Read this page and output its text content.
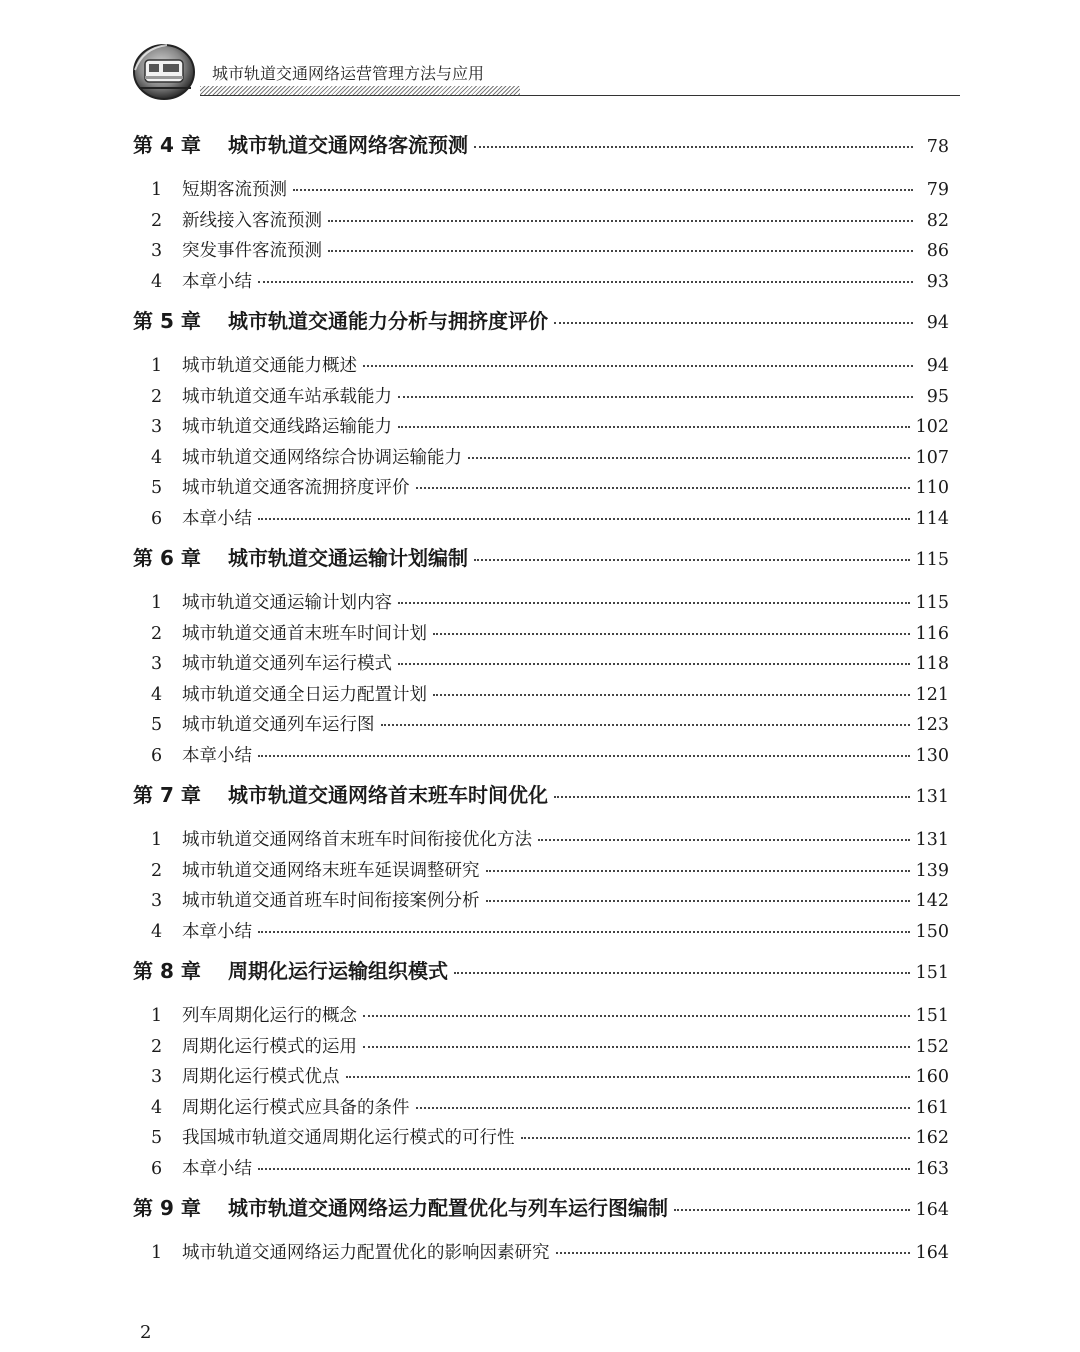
城市轨道交通网络运营管理方法与应用
第 4 章	城市轨道交通网络客流预测	78
1	短期客流预测	79
2	新线接入客流预测	82
3	突发事件客流预测	86
4	本章小结	93
第 5 章	城市轨道交通能力分析与拥挤度评价	94
1	城市轨道交通能力概述	94
2	城市轨道交通车站承载能力	95
3	城市轨道交通线路运输能力	102
4	城市轨道交通网络综合协调运输能力	107
5	城市轨道交通客流拥挤度评价	110
6	本章小结	114
第 6 章	城市轨道交通运输计划编制	115
1	城市轨道交通运输计划内容	115
2	城市轨道交通首末班车时间计划	116
3	城市轨道交通列车运行模式	118
4	城市轨道交通全日运力配置计划	121
5	城市轨道交通列车运行图	123
6	本章小结	130
第 7 章	城市轨道交通网络首末班车时间优化	131
1	城市轨道交通网络首末班车时间衔接优化方法	131
2	城市轨道交通网络末班车延误调整研究	139
3	城市轨道交通首班车时间衔接案例分析	142
4	本章小结	150
第 8 章	周期化运行运输组织模式	151
1	列车周期化运行的概念	151
2	周期化运行模式的运用	152
3	周期化运行模式优点	160
4	周期化运行模式应具备的条件	161
5	我国城市轨道交通周期化运行模式的可行性	162
6	本章小结	163
第 9 章	城市轨道交通网络运力配置优化与列车运行图编制	164
1	城市轨道交通网络运力配置优化的影响因素研究	164
2
